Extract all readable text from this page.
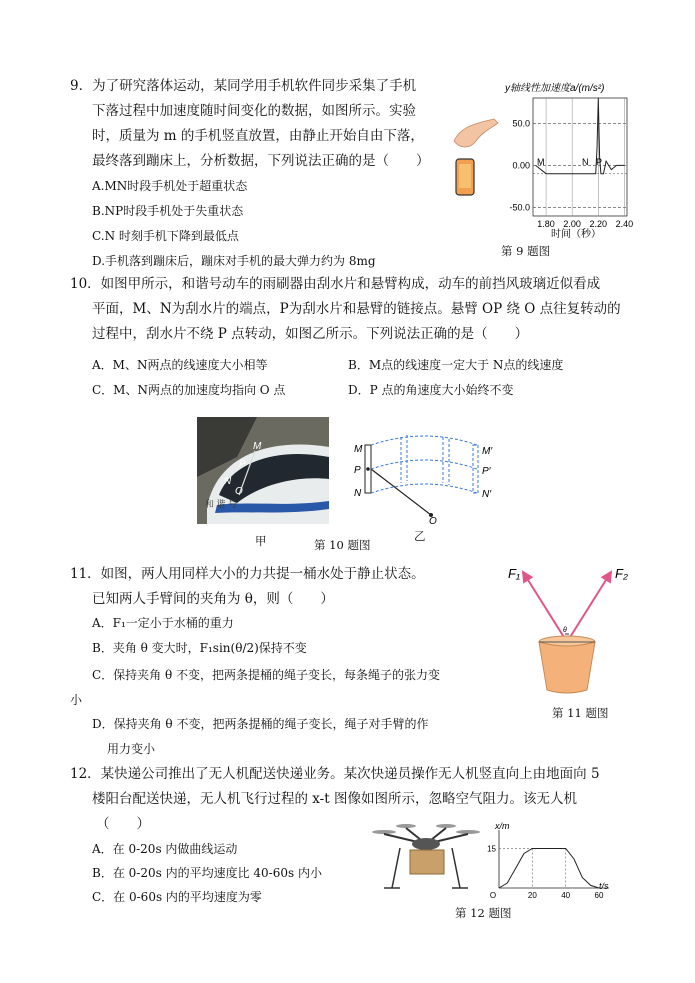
9．为了研究落体运动，某同学用手机软件同步采集了手机
下落过程中加速度随时间变化的数据，如图所示。实验
时，质量为 m 的手机竖直放置，由静止开始自由下落，
最终落到蹦床上，分析数据，下列说法正确的是（　　）
A.MN时段手机处于超重状态
B.NP时段手机处于失重状态
C.N 时刻手机下降到最低点
D.手机落到蹦床后，蹦床对手机的最大弹力约为 8mg
y轴线性加速度a/(m/s²)
50.0
0.00
-50.0
1.80 2.00 2.20 2.40
M	N P
时间（秒）
第 9 题图
10．如图甲所示，和谐号动车的雨刷器由刮水片和悬臂构成，动车的前挡风玻璃近似看成
平面，M、N为刮水片的端点，P为刮水片和悬臂的链接点。悬臂 OP 绕 O 点往复转动的
过程中，刮水片不绕 P 点转动，如图乙所示。下列说法正确的是（　　）
A．M、N两点的线速度大小相等	B．M点的线速度一定大于 N点的线速度
C．M、N两点的加速度均指向 O 点	D．P 点的角速度大小始终不变
M
P
N
O
和 谐 号
M
P
N
M′
P′
N′
O
甲	第 10 题图
乙
11．如图，两人用同样大小的力共提一桶水处于静止状态。
已知两人手臂间的夹角为 θ，则（　　）
A．F₁一定小于水桶的重力
B．夹角 θ 变大时，F₁sin(θ/2)保持不变
C．保持夹角 θ 不变，把两条提桶的绳子变长，每条绳子的张力变
小
D．保持夹角 θ 不变，把两条提桶的绳子变长，绳子对手臂的作
用力变小
F₁	F₂
θ
第 11 题图
12．某快递公司推出了无人机配送快递业务。某次快递员操作无人机竖直向上由地面向 5
楼阳台配送快递，无人机飞行过程的 x-t 图像如图所示，忽略空气阻力。该无人机
（　　）
A．在 0-20s 内做曲线运动
B．在 0-20s 内的平均速度比 40-60s 内小
C．在 0-60s 内的平均速度为零
x/m
t/s
O	20	40	60
15
第 12 题图
